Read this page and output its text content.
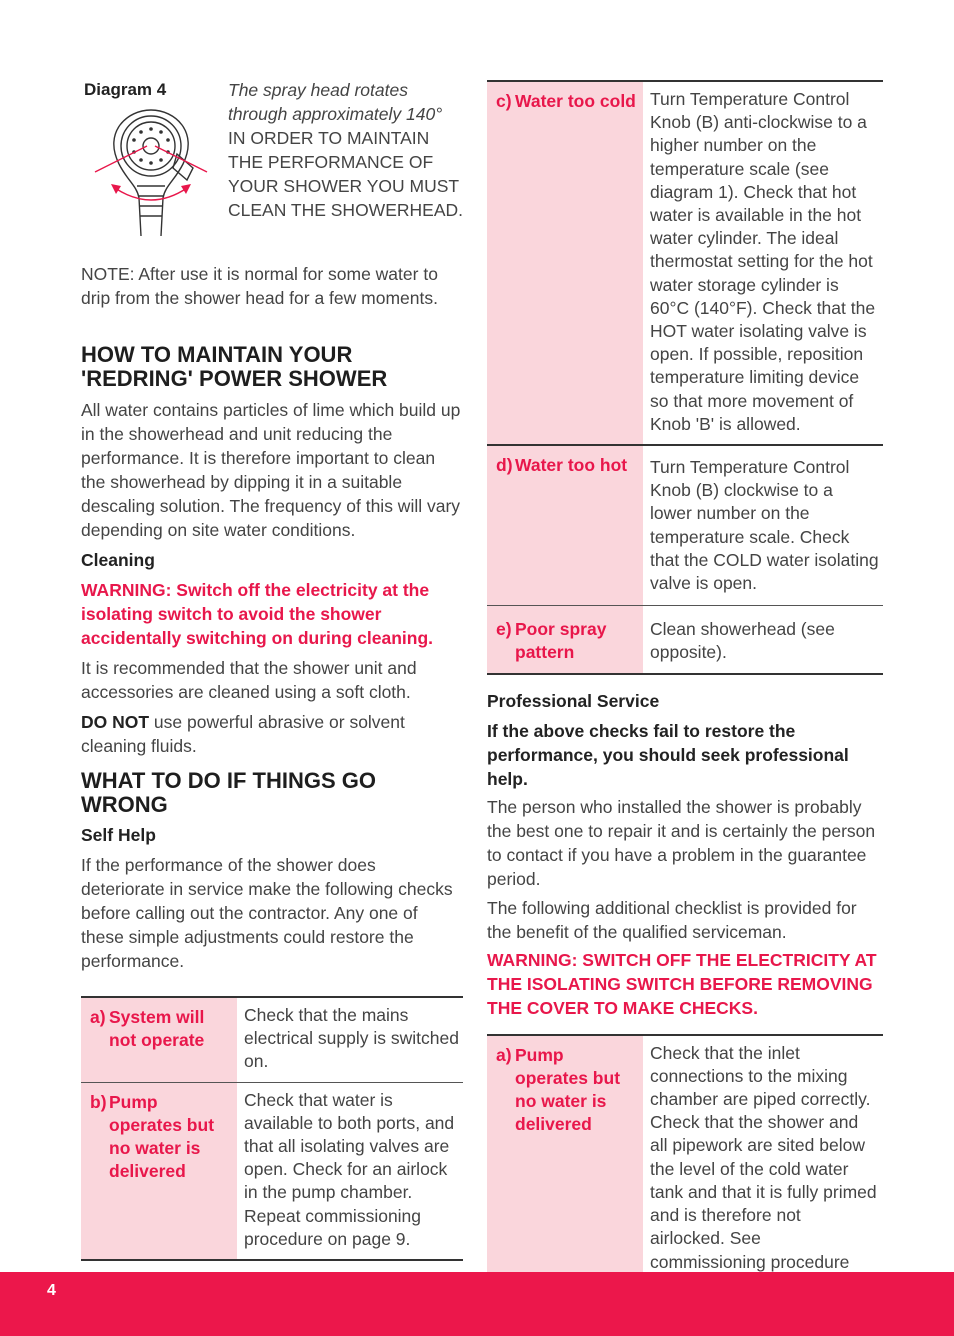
Diagram 4	The spray head rotates through approximately 140°

IN ORDER TO MAINTAIN THE PERFORMANCE OF YOUR SHOWER YOU MUST CLEAN THE SHOWERHEAD.

NOTE: After use it is normal for some water to drip from the shower head for a few moments.

HOW TO MAINTAIN YOUR 'REDRING' POWER SHOWER

All water contains particles of lime which build up in the showerhead and unit reducing the performance. It is therefore important to clean the showerhead by dipping it in a suitable descaling solution. The frequency of this will vary depending on site water conditions.

Cleaning

WARNING: Switch off the electricity at the isolating switch to avoid the shower accidentally switching on during cleaning.

It is recommended that the shower unit and accessories are cleaned using a soft cloth.

DO NOT use powerful abrasive or solvent cleaning fluids.

WHAT TO DO IF THINGS GO WRONG

Self Help

If the performance of the shower does deteriorate in service make the following checks before calling out the contractor. Any one of these simple adjustments could restore the performance.

a) System will not operate	Check that the mains electrical supply is switched on.

b) Pump operates but no water is delivered	Check that water is available to both ports, and that all isolating valves are open. Check for an airlock in the pump chamber. Repeat commissioning procedure on page 9.
c) Water too cold	Turn Temperature Control Knob (B) anti-clockwise to a higher number on the temperature scale (see diagram 1). Check that hot water is available in the hot water cylinder. The ideal thermostat setting for the hot water storage cylinder is 60°C (140°F). Check that the HOT water isolating valve is open. If possible, reposition temperature limiting device so that more movement of Knob 'B' is allowed.

d) Water too hot	Turn Temperature Control Knob (B) clockwise to a lower number on the temperature scale. Check that the COLD water isolating valve is open.

e) Poor spray pattern	Clean showerhead (see opposite).

Professional Service

If the above checks fail to restore the performance, you should seek professional help.

The person who installed the shower is probably the best one to repair it and is certainly the person to contact if you have a problem in the guarantee period.

The following additional checklist is provided for the benefit of the qualified serviceman.

WARNING: SWITCH OFF THE ELECTRICITY AT THE ISOLATING SWITCH BEFORE REMOVING THE COVER TO MAKE CHECKS.

a) Pump operates but no water is delivered
	Check that the inlet connections to the mixing chamber are piped correctly. Check that the shower and all pipework are sited below the level of the cold water tank and that it is fully primed and is therefore not airlocked. See commissioning procedure
4
